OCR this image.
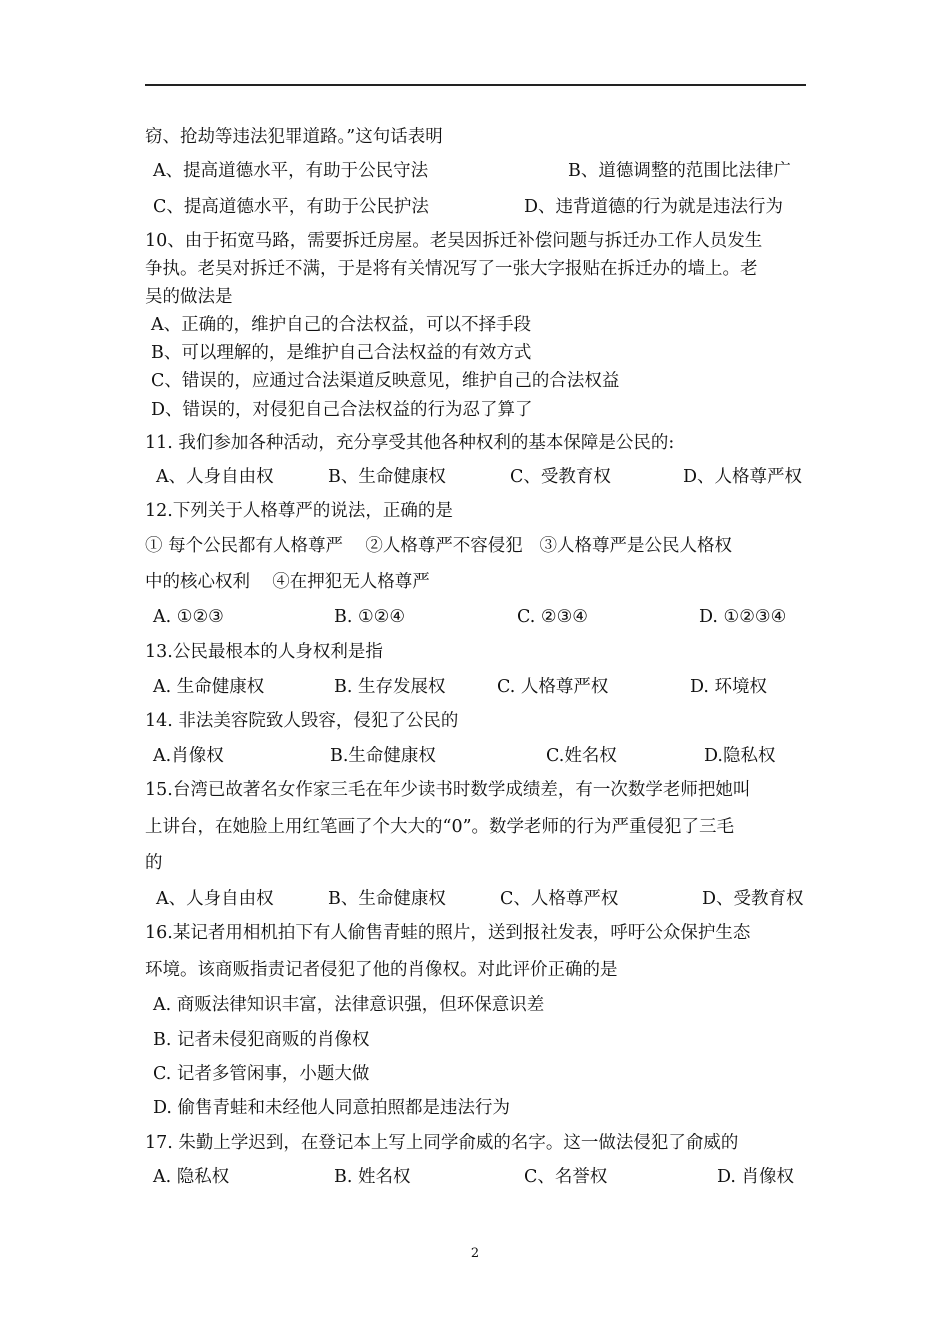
窃、抢劫等违法犯罪道路。”这句话表明
A、提高道德水平，有助于公民守法	B、道德调整的范围比法律广
C、提高道德水平，有助于公民护法	D、违背道德的行为就是违法行为
10、由于拓宽马路，需要拆迁房屋。老吴因拆迁补偿问题与拆迁办工作人员发生
争执。老吴对拆迁不满，于是将有关情况写了一张大字报贴在拆迁办的墙上。老
吴的做法是
A、正确的，维护自己的合法权益，可以不择手段
B、可以理解的，是维护自己合法权益的有效方式
C、错误的，应通过合法渠道反映意见，维护自己的合法权益
D、错误的，对侵犯自己合法权益的行为忍了算了
11. 我们参加各种活动，充分享受其他各种权利的基本保障是公民的:
A、人身自由权	B、生命健康权	C、受教育权	D、人格尊严权
12.下列关于人格尊严的说法，正确的是
① 每个公民都有人格尊严    ②人格尊严不容侵犯   ③人格尊严是公民人格权
中的核心权利    ④在押犯无人格尊严
A. ①②③	B. ①②④	C. ②③④	D. ①②③④
13.公民最根本的人身权利是指
A. 生命健康权	B. 生存发展权	C. 人格尊严权	D. 环境权
14. 非法美容院致人毁容，侵犯了公民的
A.肖像权	B.生命健康权	C.姓名权	D.隐私权
15.台湾已故著名女作家三毛在年少读书时数学成绩差，有一次数学老师把她叫
上讲台，在她脸上用红笔画了个大大的“0”。数学老师的行为严重侵犯了三毛
的
A、人身自由权	B、生命健康权	C、人格尊严权	D、受教育权
16.某记者用相机拍下有人偷售青蛙的照片，送到报社发表，呼吁公众保护生态
环境。该商贩指责记者侵犯了他的肖像权。对此评价正确的是
A. 商贩法律知识丰富，法律意识强，但环保意识差
B. 记者未侵犯商贩的肖像权
C. 记者多管闲事，小题大做
D. 偷售青蛙和未经他人同意拍照都是违法行为
17. 朱勤上学迟到，在登记本上写上同学俞威的名字。这一做法侵犯了俞威的
A. 隐私权	B. 姓名权	C、名誉权	D. 肖像权
2
